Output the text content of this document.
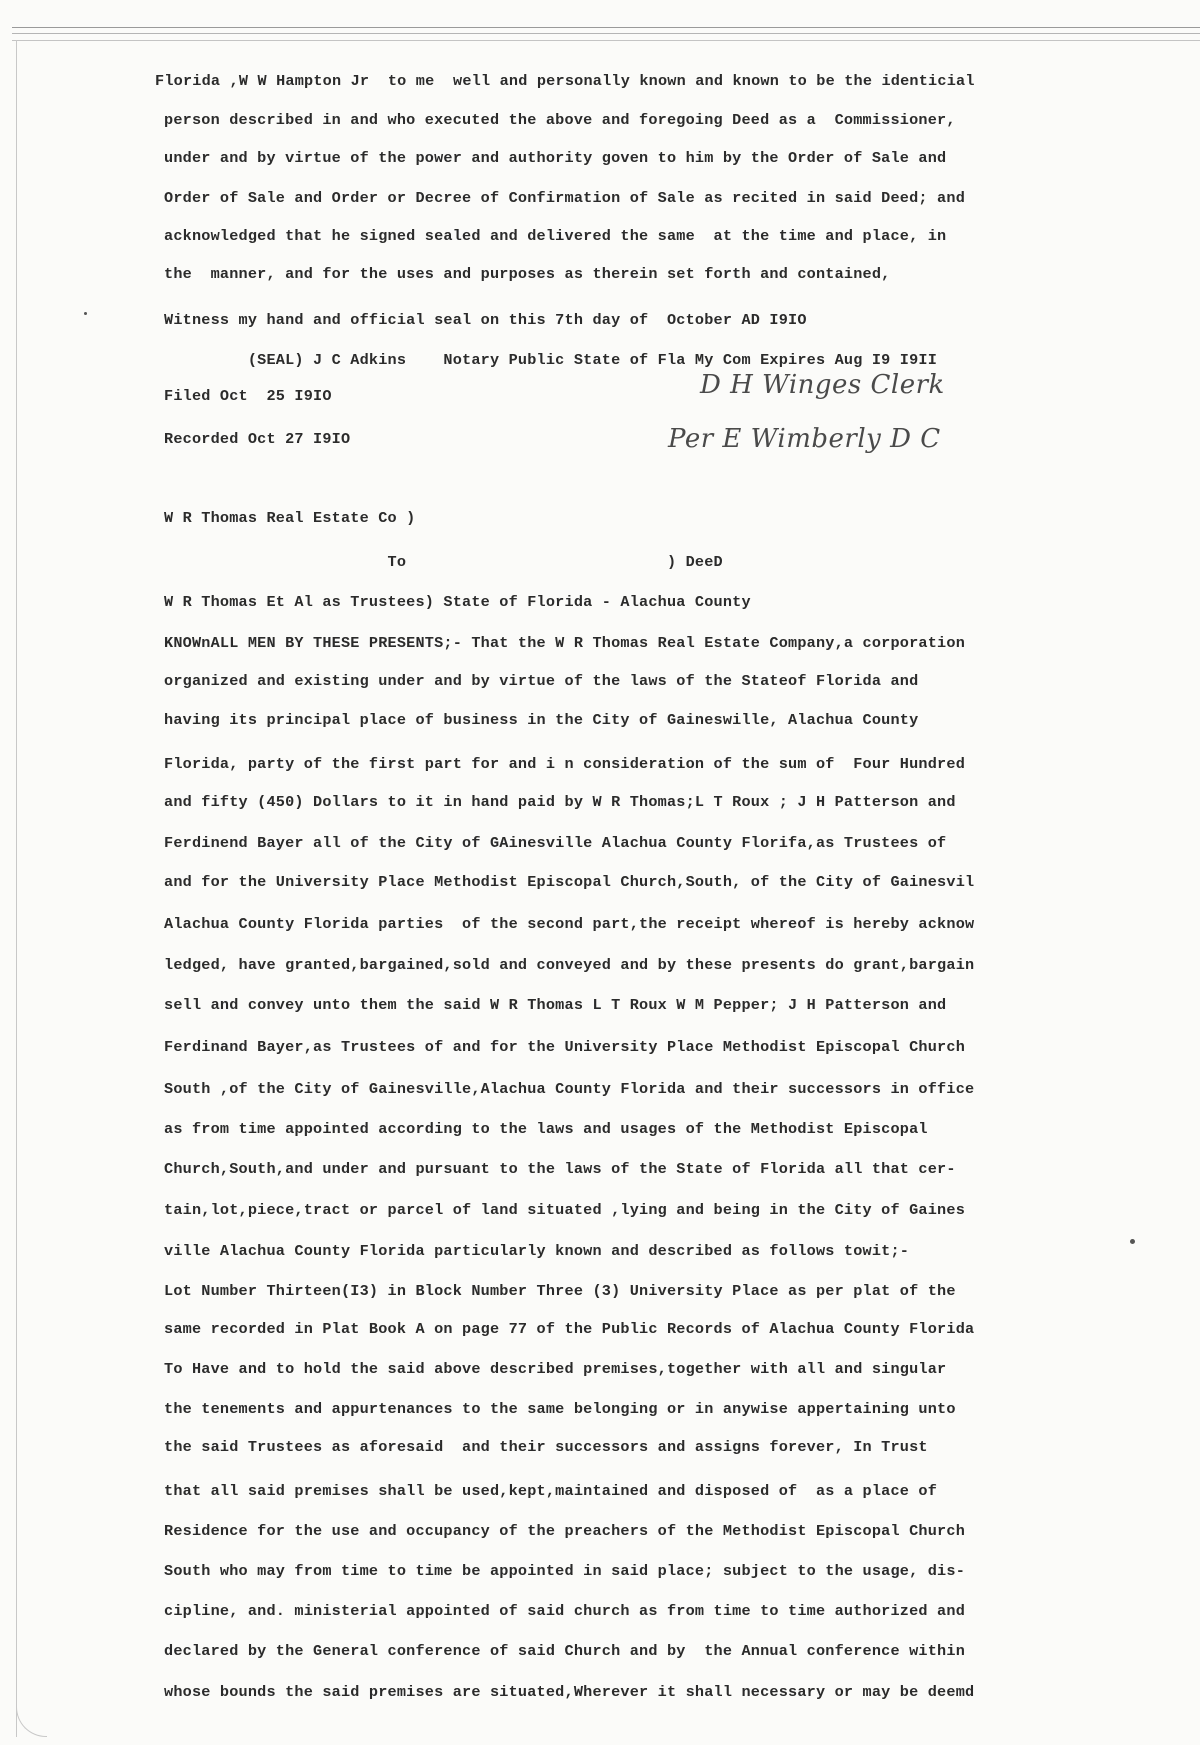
Florida ,W W Hampton Jr  to me  well and personally known and known to be the identicial
person described in and who executed the above and foregoing Deed as a  Commissioner,
under and by virtue of the power and authority goven to him by the Order of Sale and
Order of Sale and Order or Decree of Confirmation of Sale as recited in said Deed; and
acknowledged that he signed sealed and delivered the same  at the time and place, in
the  manner, and for the uses and purposes as therein set forth and contained,
Witness my hand and official seal on this 7th day of  October AD I9IO
(SEAL) J C Adkins    Notary Public State of Fla My Com Expires Aug I9 I9II
Filed Oct  25 I9IO
Recorded Oct 27 I9IO
D H Winges Clerk
Per E Wimberly D C
W R Thomas Real Estate Co )
To                            ) DeeD
W R Thomas Et Al as Trustees) State of Florida - Alachua County
KNOWnALL MEN BY THESE PRESENTS;- That the W R Thomas Real Estate Company,a corporation
organized and existing under and by virtue of the laws of the Stateof Florida and
having its principal place of business in the City of Gaineswille, Alachua County
Florida, party of the first part for and i n consideration of the sum of  Four Hundred
and fifty (450) Dollars to it in hand paid by W R Thomas;L T Roux ; J H Patterson and
Ferdinend Bayer all of the City of GAinesville Alachua County Florifa,as Trustees of
and for the University Place Methodist Episcopal Church,South, of the City of Gainesvil
Alachua County Florida parties  of the second part,the receipt whereof is hereby acknow
ledged, have granted,bargained,sold and conveyed and by these presents do grant,bargain
sell and convey unto them the said W R Thomas L T Roux W M Pepper; J H Patterson and
Ferdinand Bayer,as Trustees of and for the University Place Methodist Episcopal Church
South ,of the City of Gainesville,Alachua County Florida and their successors in office
as from time appointed according to the laws and usages of the Methodist Episcopal
Church,South,and under and pursuant to the laws of the State of Florida all that cer-
tain,lot,piece,tract or parcel of land situated ,lying and being in the City of Gaines
ville Alachua County Florida particularly known and described as follows towit;-
Lot Number Thirteen(I3) in Block Number Three (3) University Place as per plat of the
same recorded in Plat Book A on page 77 of the Public Records of Alachua County Florida
To Have and to hold the said above described premises,together with all and singular
the tenements and appurtenances to the same belonging or in anywise appertaining unto
the said Trustees as aforesaid  and their successors and assigns forever, In Trust
that all said premises shall be used,kept,maintained and disposed of  as a place of
Residence for the use and occupancy of the preachers of the Methodist Episcopal Church
South who may from time to time be appointed in said place; subject to the usage, dis-
cipline, and. ministerial appointed of said church as from time to time authorized and
declared by the General conference of said Church and by  the Annual conference within
whose bounds the said premises are situated,Wherever it shall necessary or may be deemd
